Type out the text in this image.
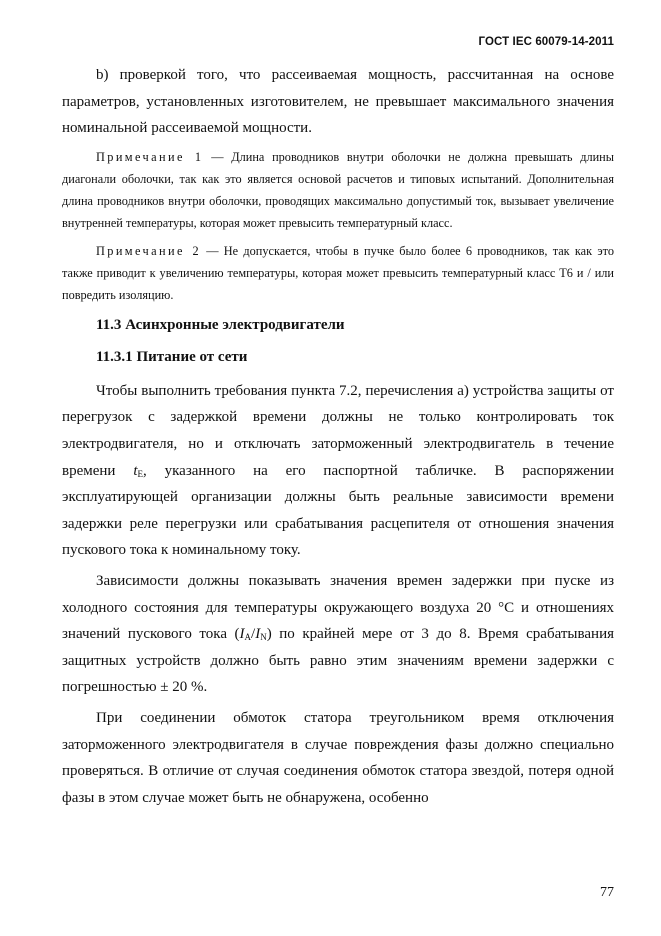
ГОСТ IEC 60079-14-2011

b) проверкой того, что рассеиваемая мощность, рассчитанная на основе параметров, установленных изготовителем, не превышает максимального значения номинальной рассеиваемой мощности.

Примечание 1 — Длина проводников внутри оболочки не должна превышать длины диагонали оболочки, так как это является основой расчетов и типовых испытаний. Дополнительная длина проводников внутри оболочки, проводящих максимально допустимый ток, вызывает увеличение внутренней температуры, которая может превысить температурный класс.

Примечание 2 — Не допускается, чтобы в пучке было более 6 проводников, так как это также приводит к увеличению температуры, которая может превысить температурный класс Т6 и / или повредить изоляцию.

11.3 Асинхронные электродвигатели

11.3.1 Питание от сети

Чтобы выполнить требования пункта 7.2, перечисления а) устройства защиты от перегрузок с задержкой времени должны не только контролировать ток электродвигателя, но и отключать заторможенный электродвигатель в течение времени $t_E$, указанного на его паспортной табличке. В распоряжении эксплуатирующей организации должны быть реальные зависимости времени задержки реле перегрузки или срабатывания расцепителя от отношения значения пускового тока к номинальному току.

Зависимости должны показывать значения времен задержки при пуске из холодного состояния для температуры окружающего воздуха 20 °С и отношениях значений пускового тока $(I_A/I_N)$ по крайней мере от 3 до 8. Время срабатывания защитных устройств должно быть равно этим значениям времени задержки с погрешностью ± 20 %.

При соединении обмоток статора треугольником время отключения заторможенного электродвигателя в случае повреждения фазы должно специально проверяться. В отличие от случая соединения обмоток статора звездой, потеря одной фазы в этом случае может быть не обнаружена, особенно

77
